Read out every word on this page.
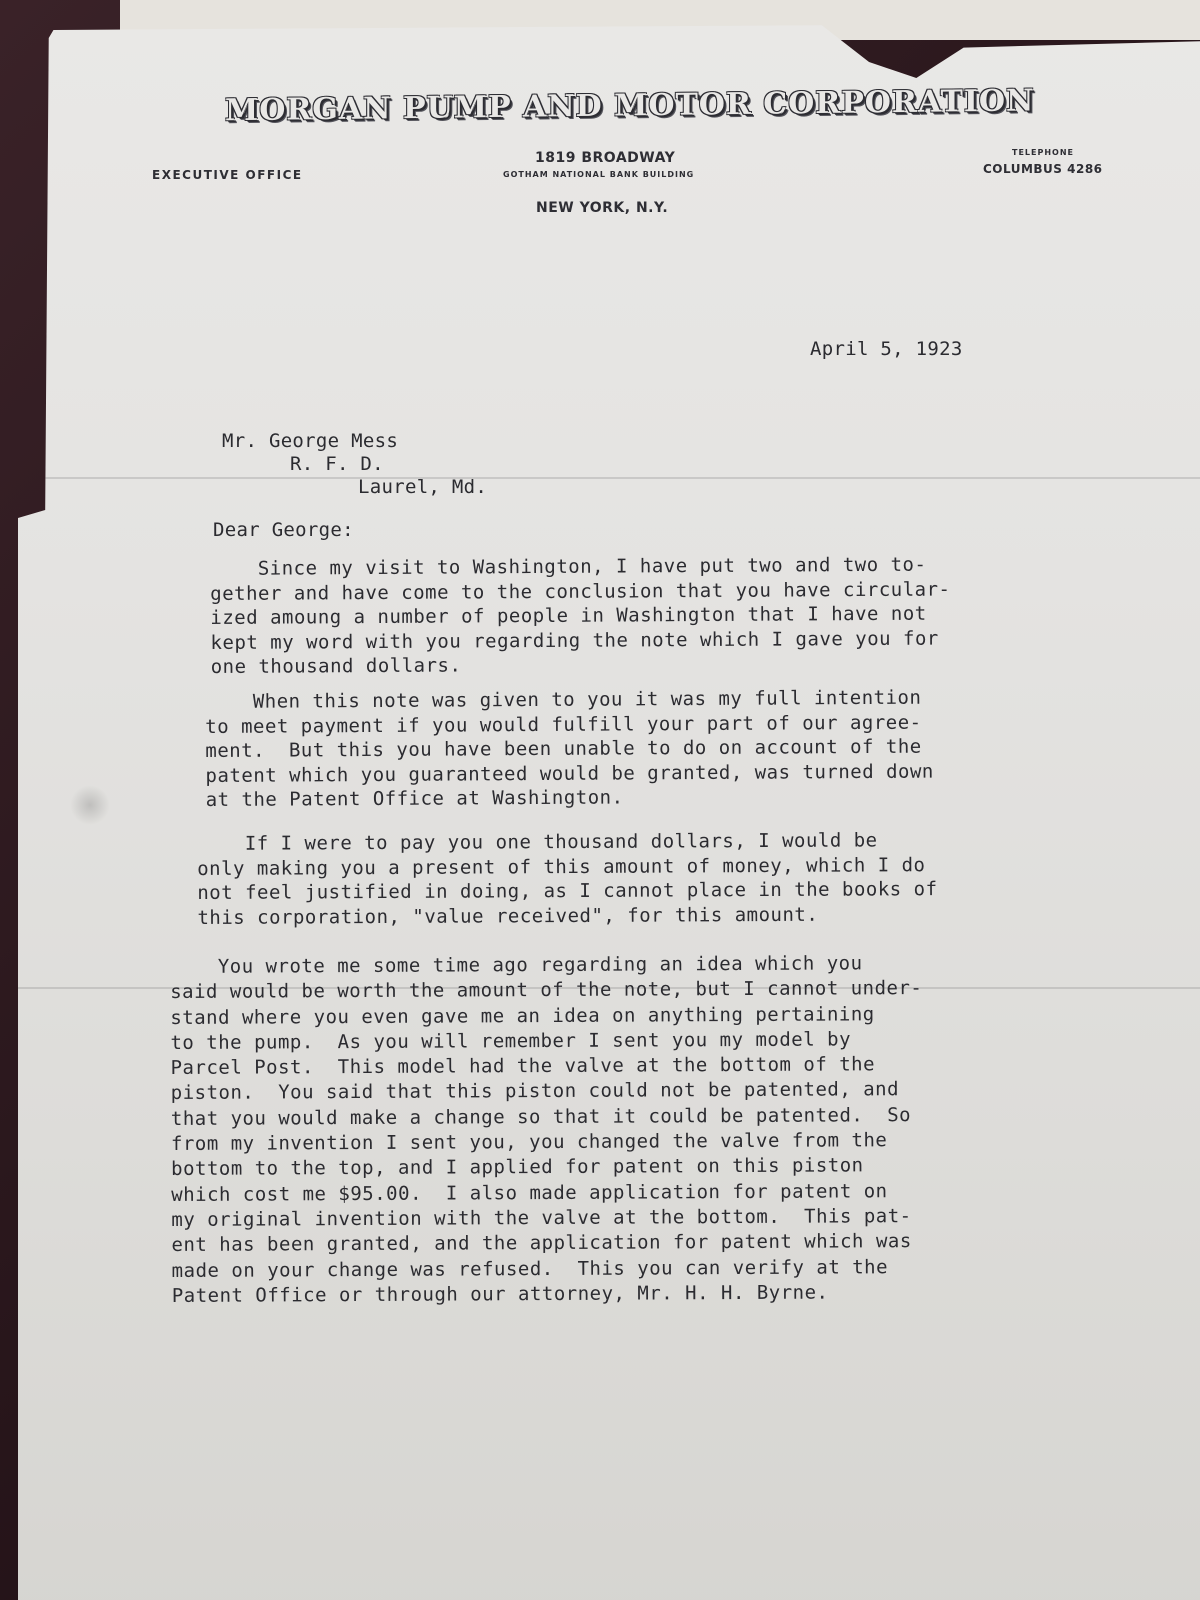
MORGAN PUMP AND MOTOR CORPORATION
EXECUTIVE OFFICE
1819 BROADWAY
GOTHAM NATIONAL BANK BUILDING
NEW YORK, N.Y.
TELEPHONE
COLUMBUS 4286
April 5, 1923
Mr. George Mess
R. F. D.
Laurel, Md.
Dear George:
Since my visit to Washington, I have put two and two to-
gether and have come to the conclusion that you have circular-
ized amoung a number of people in Washington that I have not
kept my word with you regarding the note which I gave you for
one thousand dollars.
When this note was given to you it was my full intention
to meet payment if you would fulfill your part of our agree-
ment.  But this you have been unable to do on account of the
patent which you guaranteed would be granted, was turned down
at the Patent Office at Washington.
If I were to pay you one thousand dollars, I would be
only making you a present of this amount of money, which I do
not feel justified in doing, as I cannot place in the books of
this corporation, "value received", for this amount.
You wrote me some time ago regarding an idea which you
said would be worth the amount of the note, but I cannot under-
stand where you even gave me an idea on anything pertaining
to the pump.  As you will remember I sent you my model by
Parcel Post.  This model had the valve at the bottom of the
piston.  You said that this piston could not be patented, and
that you would make a change so that it could be patented.  So
from my invention I sent you, you changed the valve from the
bottom to the top, and I applied for patent on this piston
which cost me $95.00.  I also made application for patent on
my original invention with the valve at the bottom.  This pat-
ent has been granted, and the application for patent which was
made on your change was refused.  This you can verify at the
Patent Office or through our attorney, Mr. H. H. Byrne.
